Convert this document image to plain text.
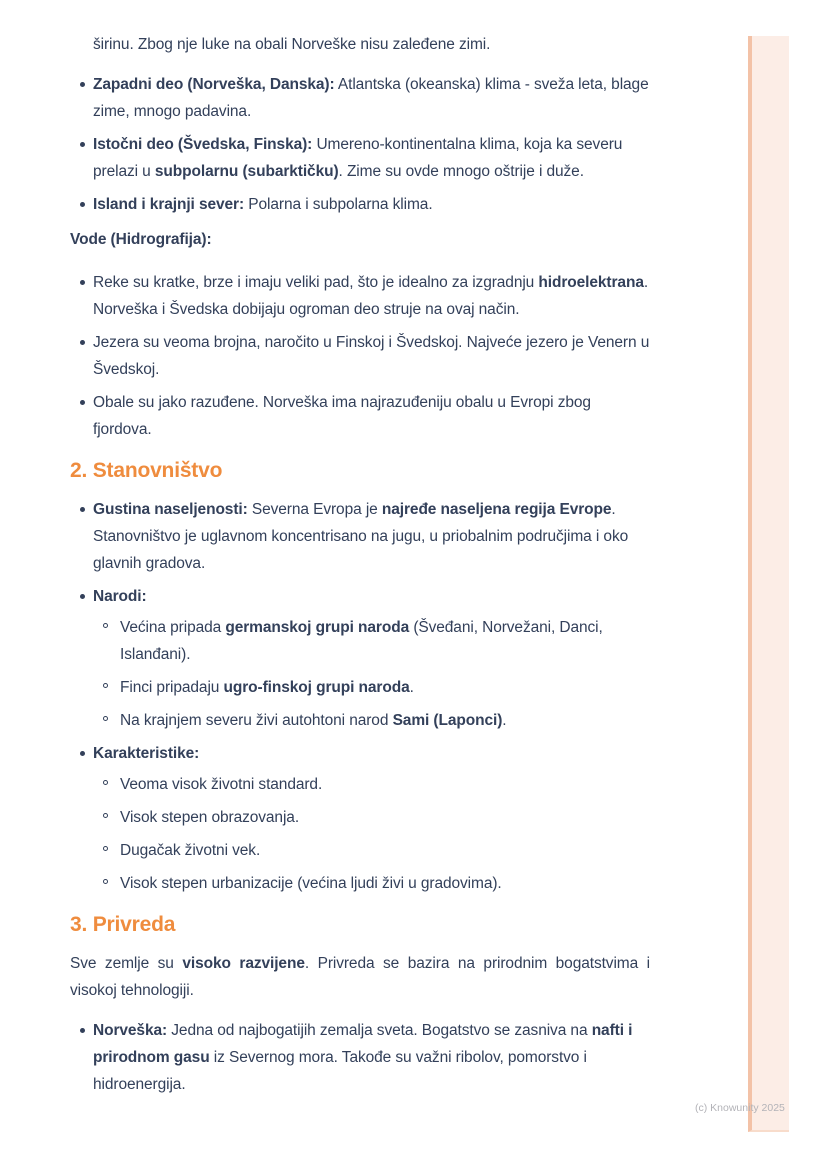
širinu. Zbog nje luke na obali Norveške nisu zaleđene zimi.
Zapadni deo (Norveška, Danska): Atlantska (okeanska) klima - sveža leta, blage zime, mnogo padavina.
Istočni deo (Švedska, Finska): Umereno-kontinentalna klima, koja ka severu prelazi u subpolarnu (subarktičku). Zime su ovde mnogo oštrije i duže.
Island i krajnji sever: Polarna i subpolarna klima.
Vode (Hidrografija):
Reke su kratke, brze i imaju veliki pad, što je idealno za izgradnju hidroelektrana. Norveška i Švedska dobijaju ogroman deo struje na ovaj način.
Jezera su veoma brojna, naročito u Finskoj i Švedskoj. Najveće jezero je Venern u Švedskoj.
Obale su jako razuđene. Norveška ima najrazuđeniju obalu u Evropi zbog fjordova.
2. Stanovništvo
Gustina naseljenosti: Severna Evropa je najređe naseljena regija Evrope. Stanovništvo je uglavnom koncentrisano na jugu, u priobalnim područjima i oko glavnih gradova.
Narodi:
Većina pripada germanskoj grupi naroda (Šveđani, Norvežani, Danci, Islanđani).
Finci pripadaju ugro-finskoj grupi naroda.
Na krajnjem severu živi autohtoni narod Sami (Laponci).
Karakteristike:
Veoma visok životni standard.
Visok stepen obrazovanja.
Dugačak životni vek.
Visok stepen urbanizacije (većina ljudi živi u gradovima).
3. Privreda
Sve zemlje su visoko razvijene. Privreda se bazira na prirodnim bogatstvima i visokoj tehnologiji.
Norveška: Jedna od najbogatijih zemalja sveta. Bogatstvo se zasniva na nafti i prirodnom gasu iz Severnog mora. Takođe su važni ribolov, pomorstvo i hidroenergija.
(c) Knowunity 2025
